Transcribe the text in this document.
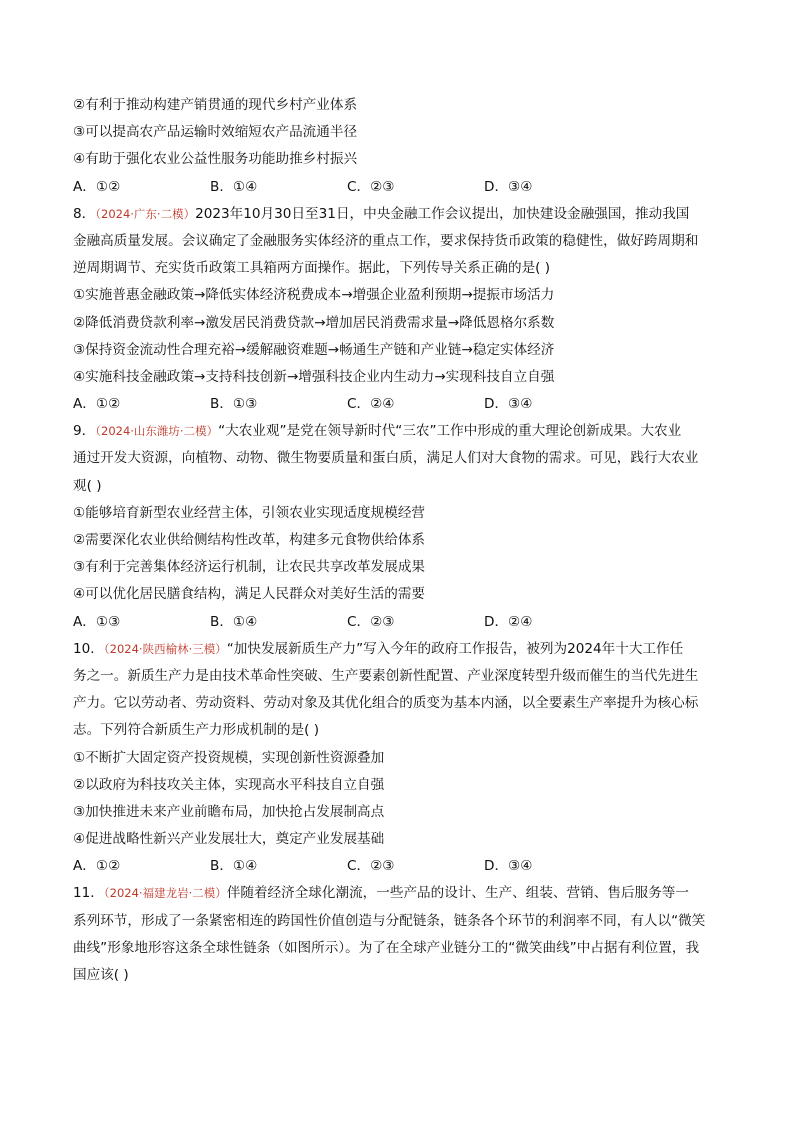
②有利于推动构建产销贯通的现代乡村产业体系
③可以提高农产品运输时效缩短农产品流通半径
④有助于强化农业公益性服务功能助推乡村振兴
A．①②	B．①④	C．②③	D．③④
8．（2024·广东·二模）2023年10月30日至31日，中央金融工作会议提出，加快建设金融强国，推动我国
金融高质量发展。会议确定了金融服务实体经济的重点工作，要求保持货币政策的稳健性，做好跨周期和
逆周期调节、充实货币政策工具箱两方面操作。据此，下列传导关系正确的是( )
①实施普惠金融政策→降低实体经济税费成本→增强企业盈利预期→提振市场活力
②降低消费贷款利率→激发居民消费贷款→增加居民消费需求量→降低恩格尔系数
③保持资金流动性合理充裕→缓解融资难题→畅通生产链和产业链→稳定实体经济
④实施科技金融政策→支持科技创新→增强科技企业内生动力→实现科技自立自强
A．①②	B．①③	C．②④	D．③④
9．（2024·山东潍坊·二模）“大农业观”是党在领导新时代“三农”工作中形成的重大理论创新成果。大农业
通过开发大资源，向植物、动物、微生物要质量和蛋白质，满足人们对大食物的需求。可见，践行大农业
观( )
①能够培育新型农业经营主体，引领农业实现适度规模经营
②需要深化农业供给侧结构性改革，构建多元食物供给体系
③有利于完善集体经济运行机制，让农民共享改革发展成果
④可以优化居民膳食结构，满足人民群众对美好生活的需要
A．①③	B．①④	C．②③	D．②④
10．（2024·陕西榆林·三模）“加快发展新质生产力”写入今年的政府工作报告，被列为2024年十大工作任
务之一。新质生产力是由技术革命性突破、生产要素创新性配置、产业深度转型升级而催生的当代先进生
产力。它以劳动者、劳动资料、劳动对象及其优化组合的质变为基本内涵，以全要素生产率提升为核心标
志。下列符合新质生产力形成机制的是( )
①不断扩大固定资产投资规模，实现创新性资源叠加
②以政府为科技攻关主体，实现高水平科技自立自强
③加快推进未来产业前瞻布局，加快抢占发展制高点
④促进战略性新兴产业发展壮大，奠定产业发展基础
A．①②	B．①④	C．②③	D．③④
11．（2024·福建龙岩·二模）伴随着经济全球化潮流，一些产品的设计、生产、组装、营销、售后服务等一
系列环节，形成了一条紧密相连的跨国性价值创造与分配链条，链条各个环节的利润率不同，有人以“微笑
曲线”形象地形容这条全球性链条（如图所示）。为了在全球产业链分工的“微笑曲线”中占据有利位置，我
国应该( )
